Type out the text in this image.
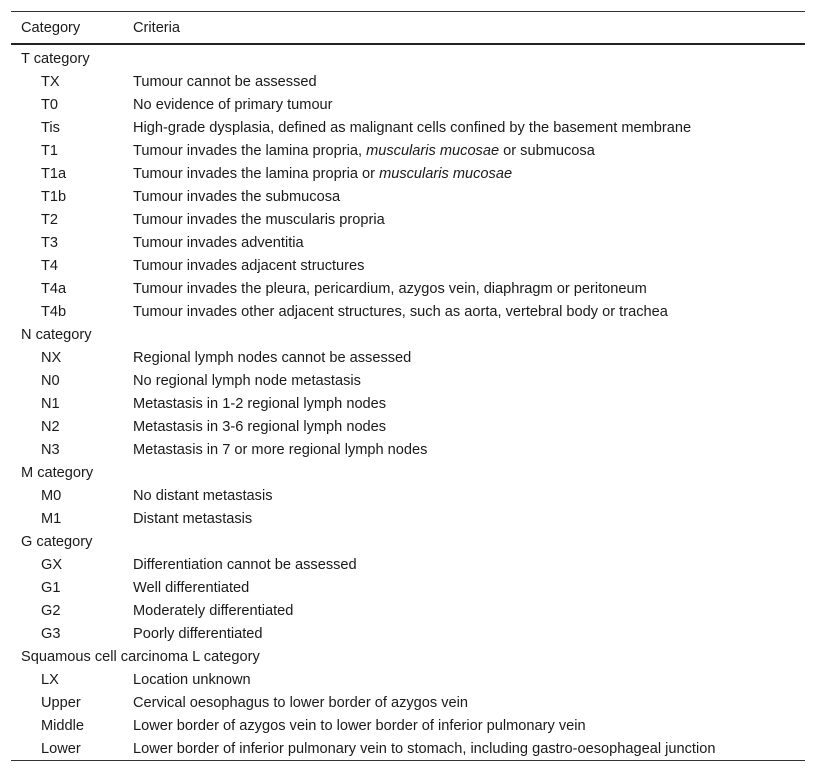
Category	Criteria
T category	
TX	Tumour cannot be assessed
T0	No evidence of primary tumour
Tis	High-grade dysplasia, defined as malignant cells confined by the basement membrane
T1	Tumour invades the lamina propria, muscularis mucosae or submucosa
T1a	Tumour invades the lamina propria or muscularis mucosae
T1b	Tumour invades the submucosa
T2	Tumour invades the muscularis propria
T3	Tumour invades adventitia
T4	Tumour invades adjacent structures
T4a	Tumour invades the pleura, pericardium, azygos vein, diaphragm or peritoneum
T4b	Tumour invades other adjacent structures, such as aorta, vertebral body or trachea
N category	
NX	Regional lymph nodes cannot be assessed
N0	No regional lymph node metastasis
N1	Metastasis in 1-2 regional lymph nodes
N2	Metastasis in 3-6 regional lymph nodes
N3	Metastasis in 7 or more regional lymph nodes
M category	
M0	No distant metastasis
M1	Distant metastasis
G category	
GX	Differentiation cannot be assessed
G1	Well differentiated
G2	Moderately differentiated
G3	Poorly differentiated
Squamous cell carcinoma L category	
LX	Location unknown
Upper	Cervical oesophagus to lower border of azygos vein
Middle	Lower border of azygos vein to lower border of inferior pulmonary vein
Lower	Lower border of inferior pulmonary vein to stomach, including gastro-oesophageal junction
